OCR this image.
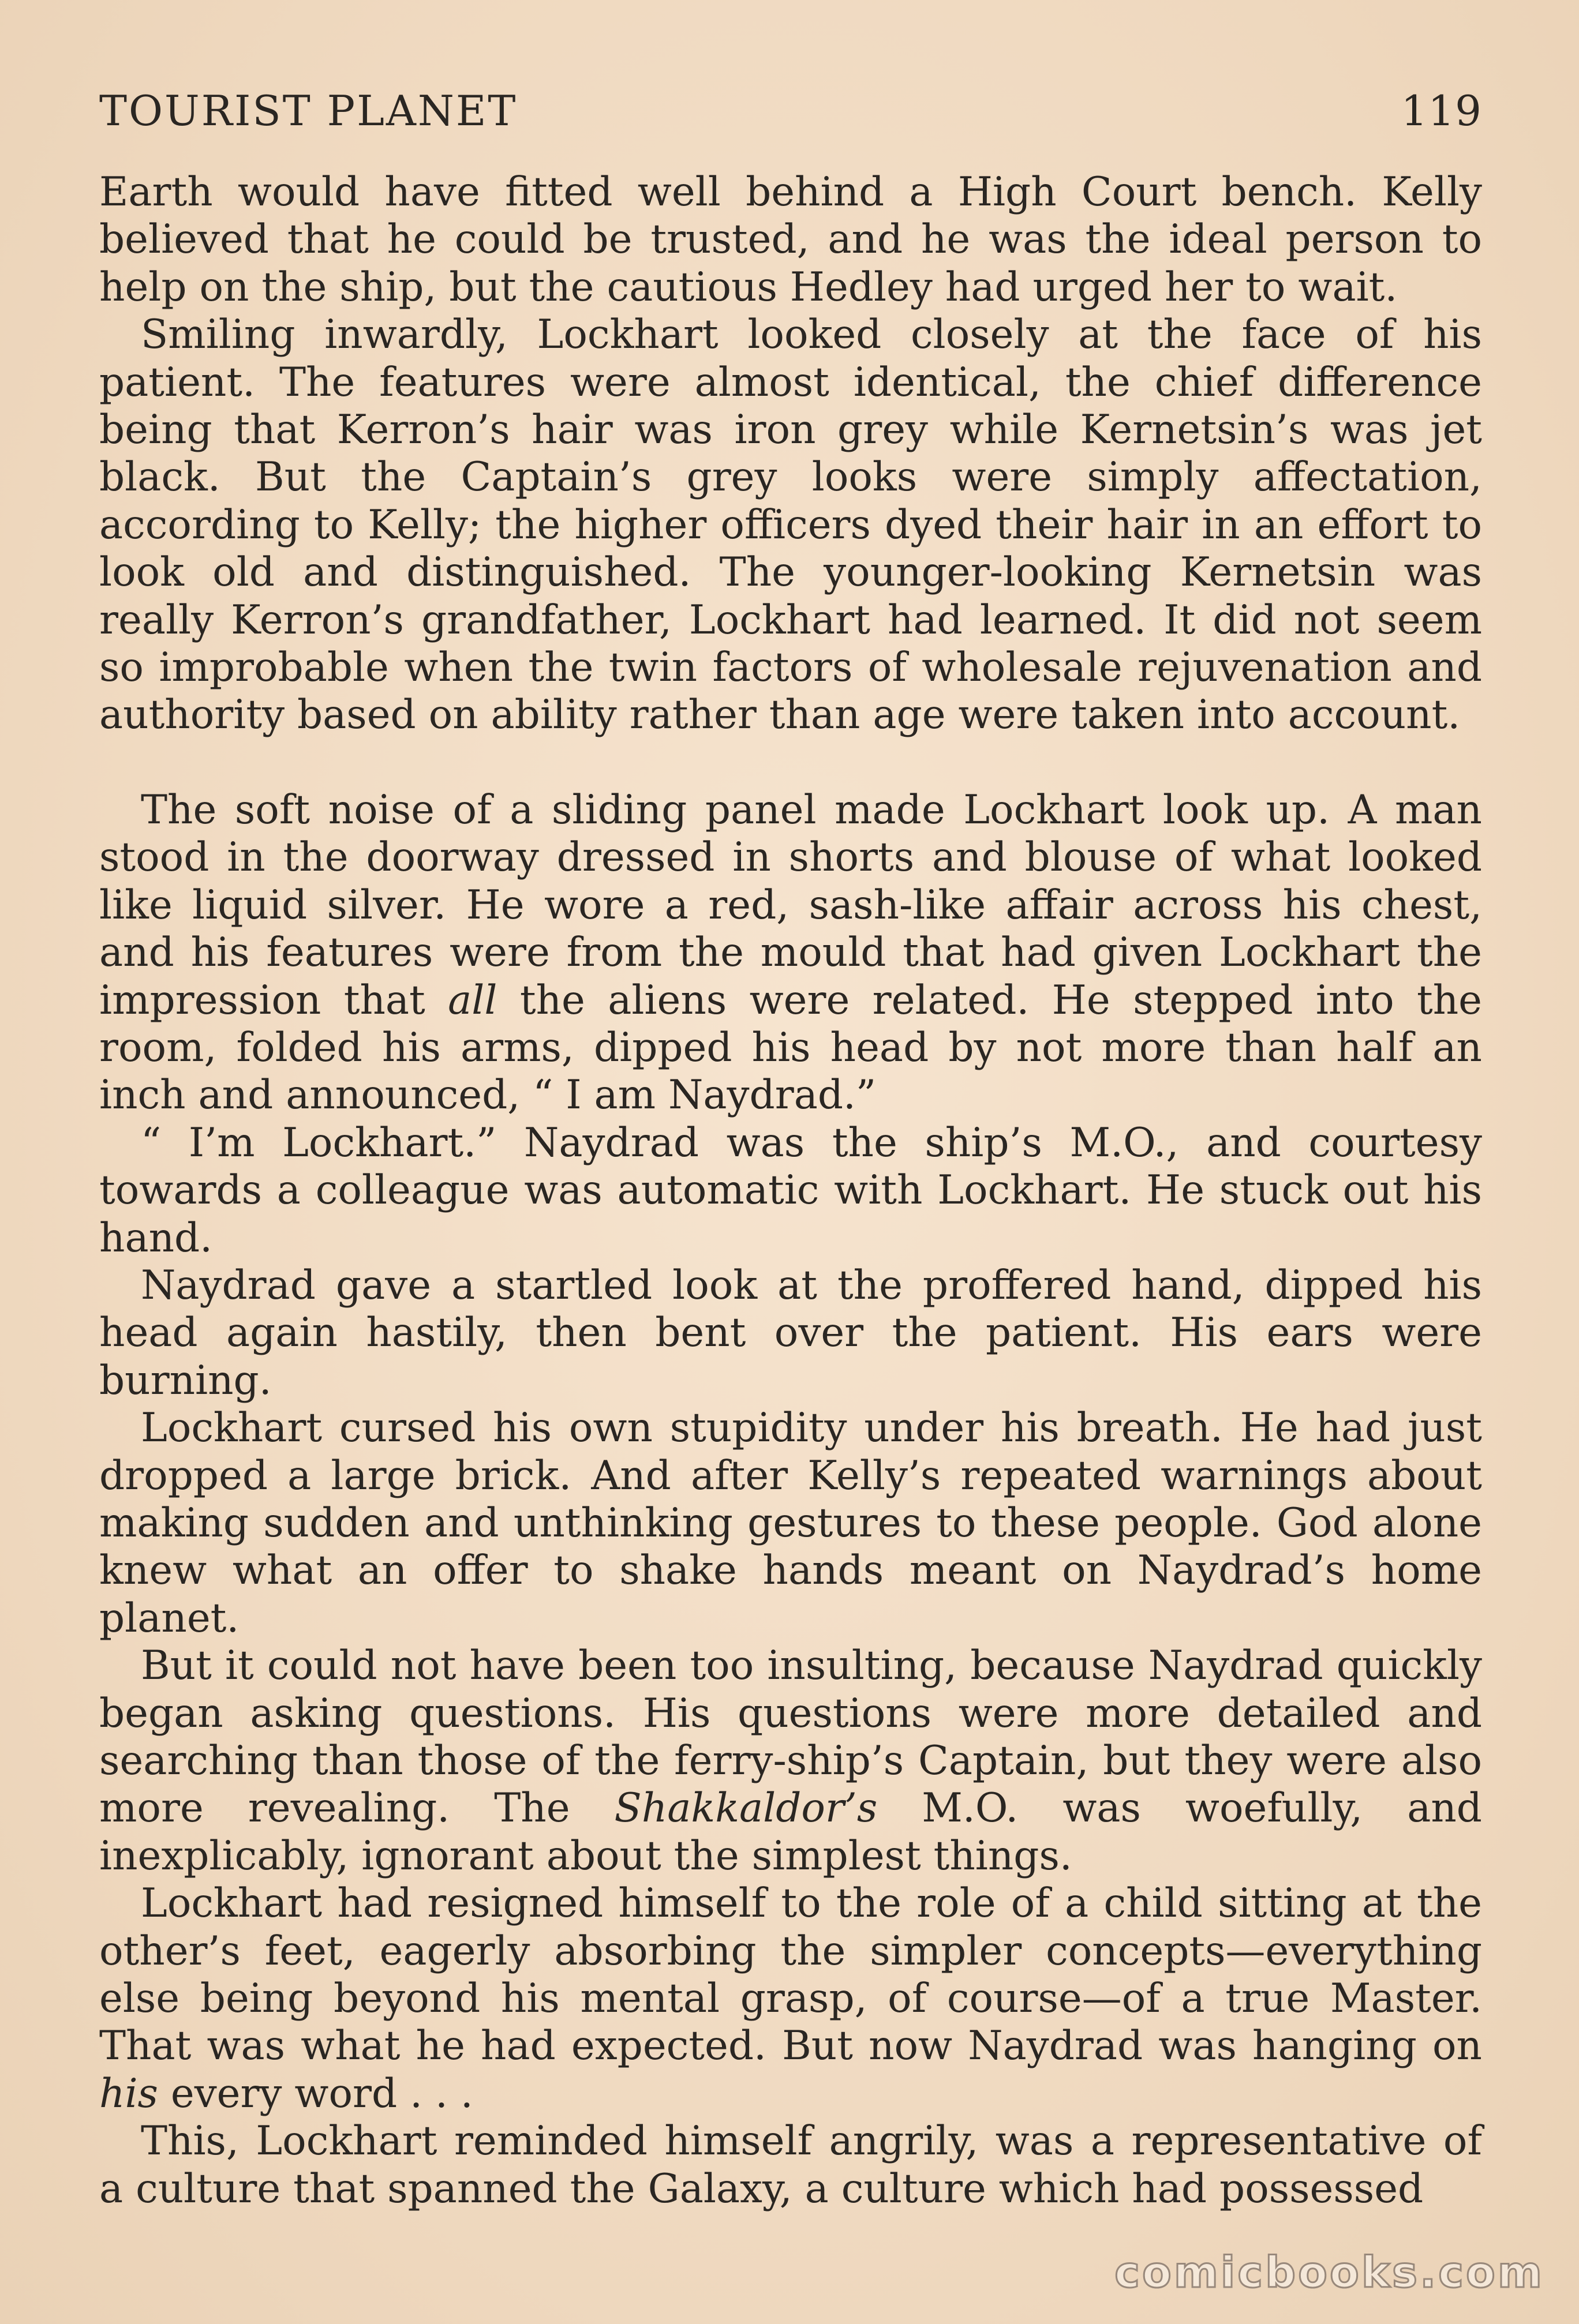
TOURIST PLANET	119

Earth would have fitted well behind a High Court bench. Kelly believed that he could be trusted, and he was the ideal person to help on the ship, but the cautious Hedley had urged her to wait.

Smiling inwardly, Lockhart looked closely at the face of his patient. The features were almost identical, the chief difference being that Kerron’s hair was iron grey while Kernetsin’s was jet black. But the Captain’s grey looks were simply affectation, according to Kelly; the higher officers dyed their hair in an effort to look old and distinguished. The younger-looking Kernetsin was really Kerron’s grandfather, Lockhart had learned. It did not seem so improbable when the twin factors of wholesale rejuvenation and authority based on ability rather than age were taken into account.

The soft noise of a sliding panel made Lockhart look up. A man stood in the doorway dressed in shorts and blouse of what looked like liquid silver. He wore a red, sash-like affair across his chest, and his features were from the mould that had given Lockhart the impression that all the aliens were related. He stepped into the room, folded his arms, dipped his head by not more than half an inch and announced, “ I am Naydrad.”

“ I’m Lockhart.” Naydrad was the ship’s M.O., and courtesy towards a colleague was automatic with Lockhart. He stuck out his hand.

Naydrad gave a startled look at the proffered hand, dipped his head again hastily, then bent over the patient. His ears were burning.

Lockhart cursed his own stupidity under his breath. He had just dropped a large brick. And after Kelly’s repeated warnings about making sudden and unthinking gestures to these people. God alone knew what an offer to shake hands meant on Naydrad’s home planet.

But it could not have been too insulting, because Naydrad quickly began asking questions. His questions were more detailed and searching than those of the ferry-ship’s Captain, but they were also more revealing. The Shakkaldor’s M.O. was woefully, and inexplicably, ignorant about the simplest things.

Lockhart had resigned himself to the role of a child sitting at the other’s feet, eagerly absorbing the simpler concepts—everything else being beyond his mental grasp, of course—of a true Master. That was what he had expected. But now Naydrad was hanging on his every word . . .

This, Lockhart reminded himself angrily, was a representative of a culture that spanned the Galaxy, a culture which had possessed

comicbooks.com
